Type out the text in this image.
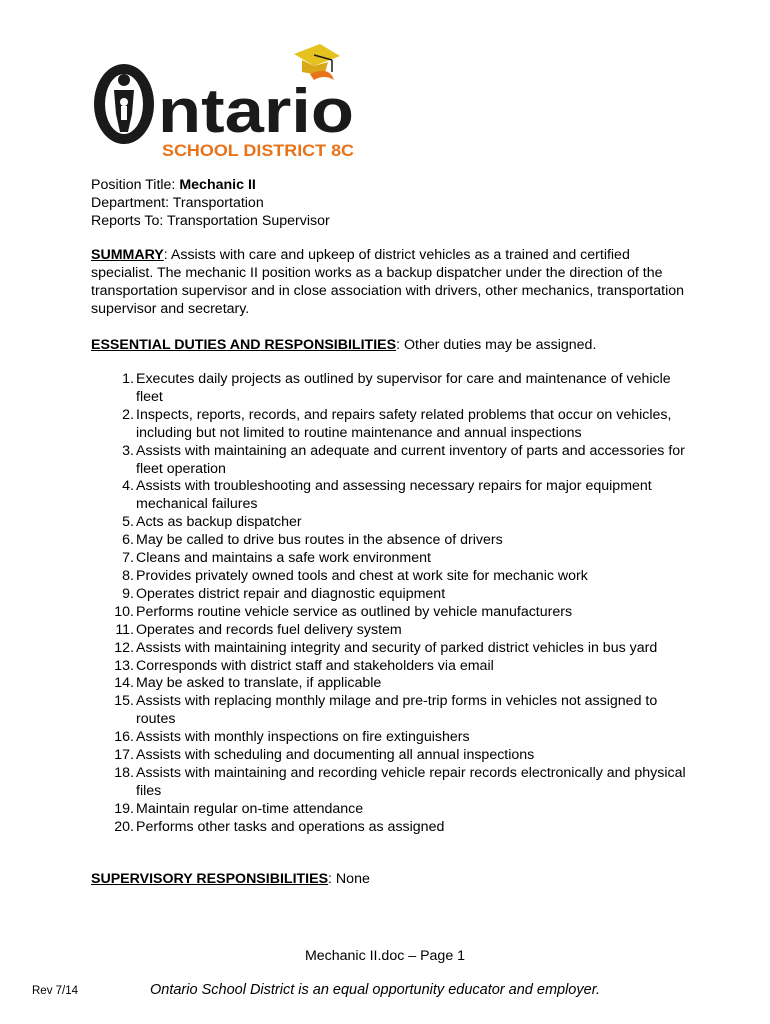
ntario
SCHOOL DISTRICT 8C
Position Title: Mechanic II
Department: Transportation
Reports To: Transportation Supervisor
SUMMARY: Assists with care and upkeep of district vehicles as a trained and certified specialist. The mechanic II position works as a backup dispatcher under the direction of the transportation supervisor and in close association with drivers, other mechanics, transportation supervisor and secretary.
ESSENTIAL DUTIES AND RESPONSIBILITIES: Other duties may be assigned.
1. Executes daily projects as outlined by supervisor for care and maintenance of vehicle fleet
2. Inspects, reports, records, and repairs safety related problems that occur on vehicles, including but not limited to routine maintenance and annual inspections
3. Assists with maintaining an adequate and current inventory of parts and accessories for fleet operation
4. Assists with troubleshooting and assessing necessary repairs for major equipment mechanical failures
5. Acts as backup dispatcher
6. May be called to drive bus routes in the absence of drivers
7. Cleans and maintains a safe work environment
8. Provides privately owned tools and chest at work site for mechanic work
9. Operates district repair and diagnostic equipment
10. Performs routine vehicle service as outlined by vehicle manufacturers
11. Operates and records fuel delivery system
12. Assists with maintaining integrity and security of parked district vehicles in bus yard
13. Corresponds with district staff and stakeholders via email
14. May be asked to translate, if applicable
15. Assists with replacing monthly milage and pre-trip forms in vehicles not assigned to routes
16. Assists with monthly inspections on fire extinguishers
17. Assists with scheduling and documenting all annual inspections
18. Assists with maintaining and recording vehicle repair records electronically and physical files
19. Maintain regular on-time attendance
20. Performs other tasks and operations as assigned
SUPERVISORY RESPONSIBILITIES: None
Mechanic II.doc – Page 1
Rev 7/14	Ontario School District is an equal opportunity educator and employer.
